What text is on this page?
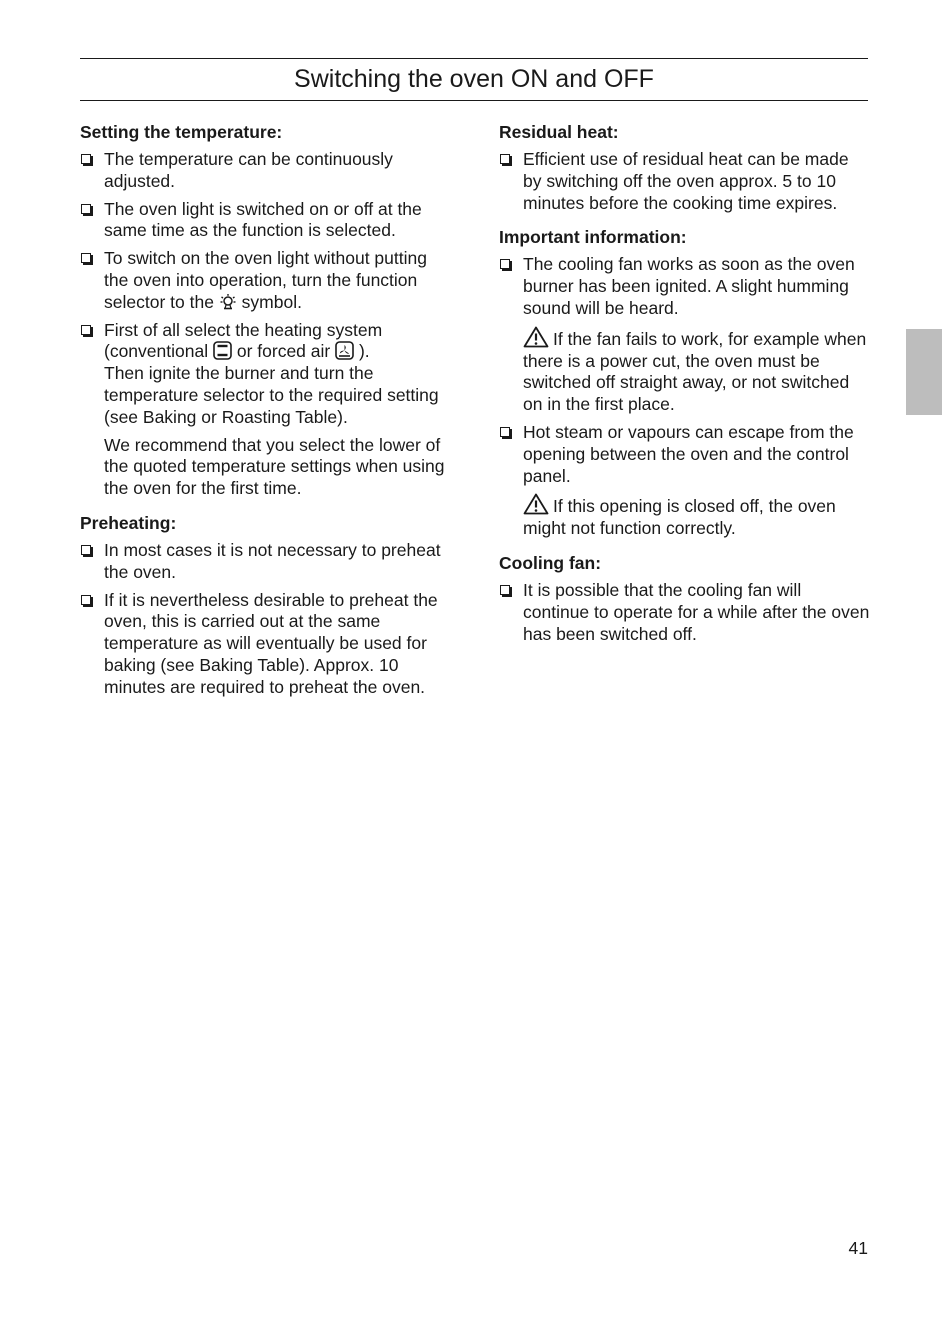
Switching the oven ON and OFF
Setting the temperature:
The temperature can be continuously adjusted.
The oven light is switched on or off at the same time as the function is selected.
To switch on the oven light without putting the oven into operation, turn the function selector to the symbol.
First of all select the heating system (conventional or forced air ).
Then ignite the burner and turn the temperature selector to the required setting (see Baking or Roasting Table).
We recommend that you select the lower of the quoted temperature settings when using the oven for the first time.
Preheating:
In most cases it is not necessary to preheat the oven.
If it is nevertheless desirable to preheat the oven, this is carried out at the same temperature as will eventually be used for baking (see Baking Table). Approx. 10 minutes are required to preheat the oven.
Residual heat:
Efficient use of residual heat can be made by switching off the oven approx. 5 to 10 minutes before the cooking time expires.
Important information:
The cooling fan works as soon as the oven burner has been ignited. A slight humming sound will be heard.
If the fan fails to work, for example when there is a power cut, the oven must be switched off straight away, or not switched on in the first place.
Hot steam or vapours can escape from the opening between the oven and the control panel.
If this opening is closed off, the oven might not function correctly.
Cooling fan:
It is possible that the cooling fan will continue to operate for a while after the oven has been switched off.
41
